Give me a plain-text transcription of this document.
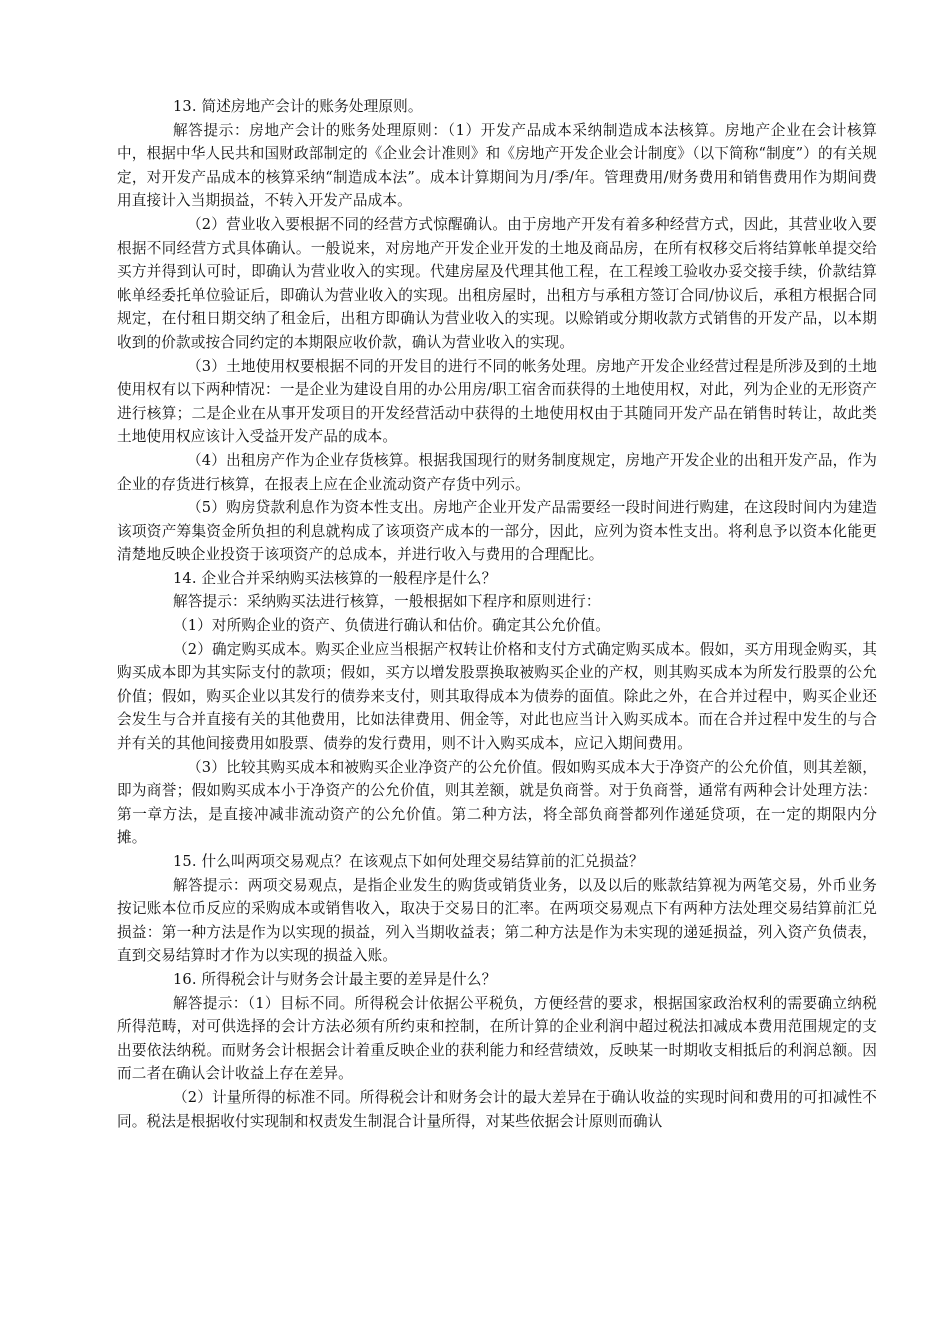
13. 简述房地产会计的账务处理原则。

解答提示：房地产会计的账务处理原则：（1）开发产品成本采纳制造成本法核算。房地产企业在会计核算中，根据中华人民共和国财政部制定的《企业会计准则》和《房地产开发企业会计制度》（以下简称“制度”）的有关规定，对开发产品成本的核算采纳“制造成本法”。成本计算期间为月/季/年。管理费用/财务费用和销售费用作为期间费用直接计入当期损益，不转入开发产品成本。

（2）营业收入要根据不同的经营方式惊醒确认。由于房地产开发有着多种经营方式，因此，其营业收入要根据不同经营方式具体确认。一般说来，对房地产开发企业开发的土地及商品房，在所有权移交后将结算帐单提交给买方并得到认可时，即确认为营业收入的实现。代建房屋及代理其他工程，在工程竣工验收办妥交接手续，价款结算帐单经委托单位验证后，即确认为营业收入的实现。出租房屋时，出租方与承租方签订合同/协议后，承租方根据合同规定，在付租日期交纳了租金后，出租方即确认为营业收入的实现。以赊销或分期收款方式销售的开发产品，以本期收到的价款或按合同约定的本期限应收价款，确认为营业收入的实现。

（3）土地使用权要根据不同的开发目的进行不同的帐务处理。房地产开发企业经营过程是所涉及到的土地使用权有以下两种情况：一是企业为建设自用的办公用房/职工宿舍而获得的土地使用权，对此，列为企业的无形资产进行核算；二是企业在从事开发项目的开发经营活动中获得的土地使用权由于其随同开发产品在销售时转让，故此类土地使用权应该计入受益开发产品的成本。

（4）出租房产作为企业存货核算。根据我国现行的财务制度规定，房地产开发企业的出租开发产品，作为企业的存货进行核算，在报表上应在企业流动资产存货中列示。

（5）购房贷款利息作为资本性支出。房地产企业开发产品需要经一段时间进行购建，在这段时间内为建造该项资产筹集资金所负担的利息就构成了该项资产成本的一部分，因此，应列为资本性支出。将利息予以资本化能更清楚地反映企业投资于该项资产的总成本，并进行收入与费用的合理配比。

14. 企业合并采纳购买法核算的一般程序是什么？

解答提示：采纳购买法进行核算，一般根据如下程序和原则进行：

（1）对所购企业的资产、负债进行确认和估价。确定其公允价值。

（2）确定购买成本。购买企业应当根据产权转让价格和支付方式确定购买成本。假如，买方用现金购买，其购买成本即为其实际支付的款项；假如，买方以增发股票换取被购买企业的产权，则其购买成本为所发行股票的公允价值；假如，购买企业以其发行的债券来支付，则其取得成本为债券的面值。除此之外，在合并过程中，购买企业还会发生与合并直接有关的其他费用，比如法律费用、佣金等，对此也应当计入购买成本。而在合并过程中发生的与合并有关的其他间接费用如股票、债券的发行费用，则不计入购买成本，应记入期间费用。

（3）比较其购买成本和被购买企业净资产的公允价值。假如购买成本大于净资产的公允价值，则其差额，即为商誉；假如购买成本小于净资产的公允价值，则其差额，就是负商誉。对于负商誉，通常有两种会计处理方法：第一章方法，是直接冲减非流动资产的公允价值。第二种方法，将全部负商誉都列作递延贷项，在一定的期限内分摊。

15. 什么叫两项交易观点？在该观点下如何处理交易结算前的汇兑损益？

解答提示：两项交易观点，是指企业发生的购货或销货业务，以及以后的账款结算视为两笔交易，外币业务按记账本位币反应的采购成本或销售收入，取决于交易日的汇率。在两项交易观点下有两种方法处理交易结算前汇兑损益：第一种方法是作为以实现的损益，列入当期收益表；第二种方法是作为未实现的递延损益，列入资产负债表，直到交易结算时才作为以实现的损益入账。

16. 所得税会计与财务会计最主要的差异是什么？

解答提示：（1）目标不同。所得税会计依据公平税负，方便经营的要求，根据国家政治权利的需要确立纳税所得范畴，对可供选择的会计方法必须有所约束和控制，在所计算的企业利润中超过税法扣减成本费用范围规定的支出要依法纳税。而财务会计根据会计着重反映企业的获利能力和经营绩效，反映某一时期收支相抵后的利润总额。因而二者在确认会计收益上存在差异。

（2）计量所得的标准不同。所得税会计和财务会计的最大差异在于确认收益的实现时间和费用的可扣减性不同。税法是根据收付实现制和权责发生制混合计量所得，对某些依据会计原则而确认
